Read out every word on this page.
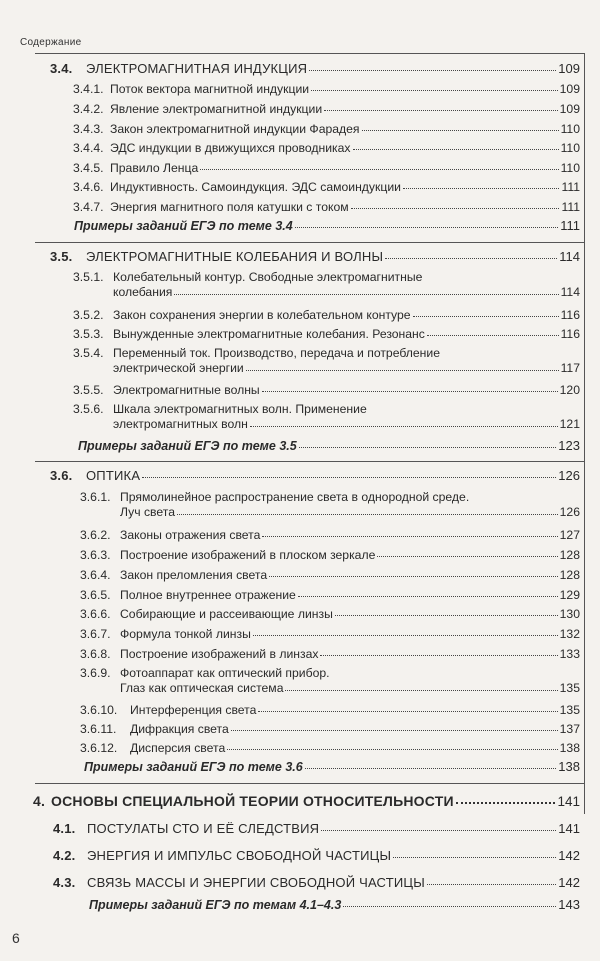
Содержание
3.4.	ЭЛЕКТРОМАГНИТНАЯ ИНДУКЦИЯ	109
3.4.1. Поток вектора магнитной индукции	109
3.4.2. Явление электромагнитной индукции	109
3.4.3. Закон электромагнитной индукции Фарадея	110
3.4.4. ЭДС индукции в движущихся проводниках	110
3.4.5. Правило Ленца	110
3.4.6. Индуктивность. Самоиндукция. ЭДС самоиндукции	111
3.4.7. Энергия магнитного поля катушки с током	111
Примеры заданий ЕГЭ по теме 3.4	111
3.5.	ЭЛЕКТРОМАГНИТНЫЕ КОЛЕБАНИЯ И ВОЛНЫ	114
3.5.1. Колебательный контур. Свободные электромагнитные
колебания	114
3.5.2. Закон сохранения энергии в колебательном контуре	116
3.5.3. Вынужденные электромагнитные колебания. Резонанс	116
3.5.4. Переменный ток. Производство, передача и потребление
электрической энергии	117
3.5.5. Электромагнитные волны	120
3.5.6. Шкала электромагнитных волн. Применение
электромагнитных волн	121
Примеры заданий ЕГЭ по теме 3.5	123
3.6.	ОПТИКА	126
3.6.1. Прямолинейное распространение света в однородной среде.
Луч света	126
3.6.2. Законы отражения света	127
3.6.3. Построение изображений в плоском зеркале	128
3.6.4. Закон преломления света	128
3.6.5. Полное внутреннее отражение	129
3.6.6. Собирающие и рассеивающие линзы	130
3.6.7. Формула тонкой линзы	132
3.6.8. Построение изображений в линзах	133
3.6.9. Фотоаппарат как оптический прибор.
Глаз как оптическая система	135
3.6.10.	Интерференция света	135
3.6.11.	Дифракция света	137
3.6.12.	Дисперсия света	138
Примеры заданий ЕГЭ по теме 3.6	138
4. ОСНОВЫ СПЕЦИАЛЬНОЙ ТЕОРИИ ОТНОСИТЕЛЬНОСТИ	141
4.1. ПОСТУЛАТЫ СТО И ЕЁ СЛЕДСТВИЯ	141
4.2. ЭНЕРГИЯ И ИМПУЛЬС СВОБОДНОЙ ЧАСТИЦЫ	142
4.3. СВЯЗЬ МАССЫ И ЭНЕРГИИ СВОБОДНОЙ ЧАСТИЦЫ	142
Примеры заданий ЕГЭ по темам 4.1–4.3	143
6
